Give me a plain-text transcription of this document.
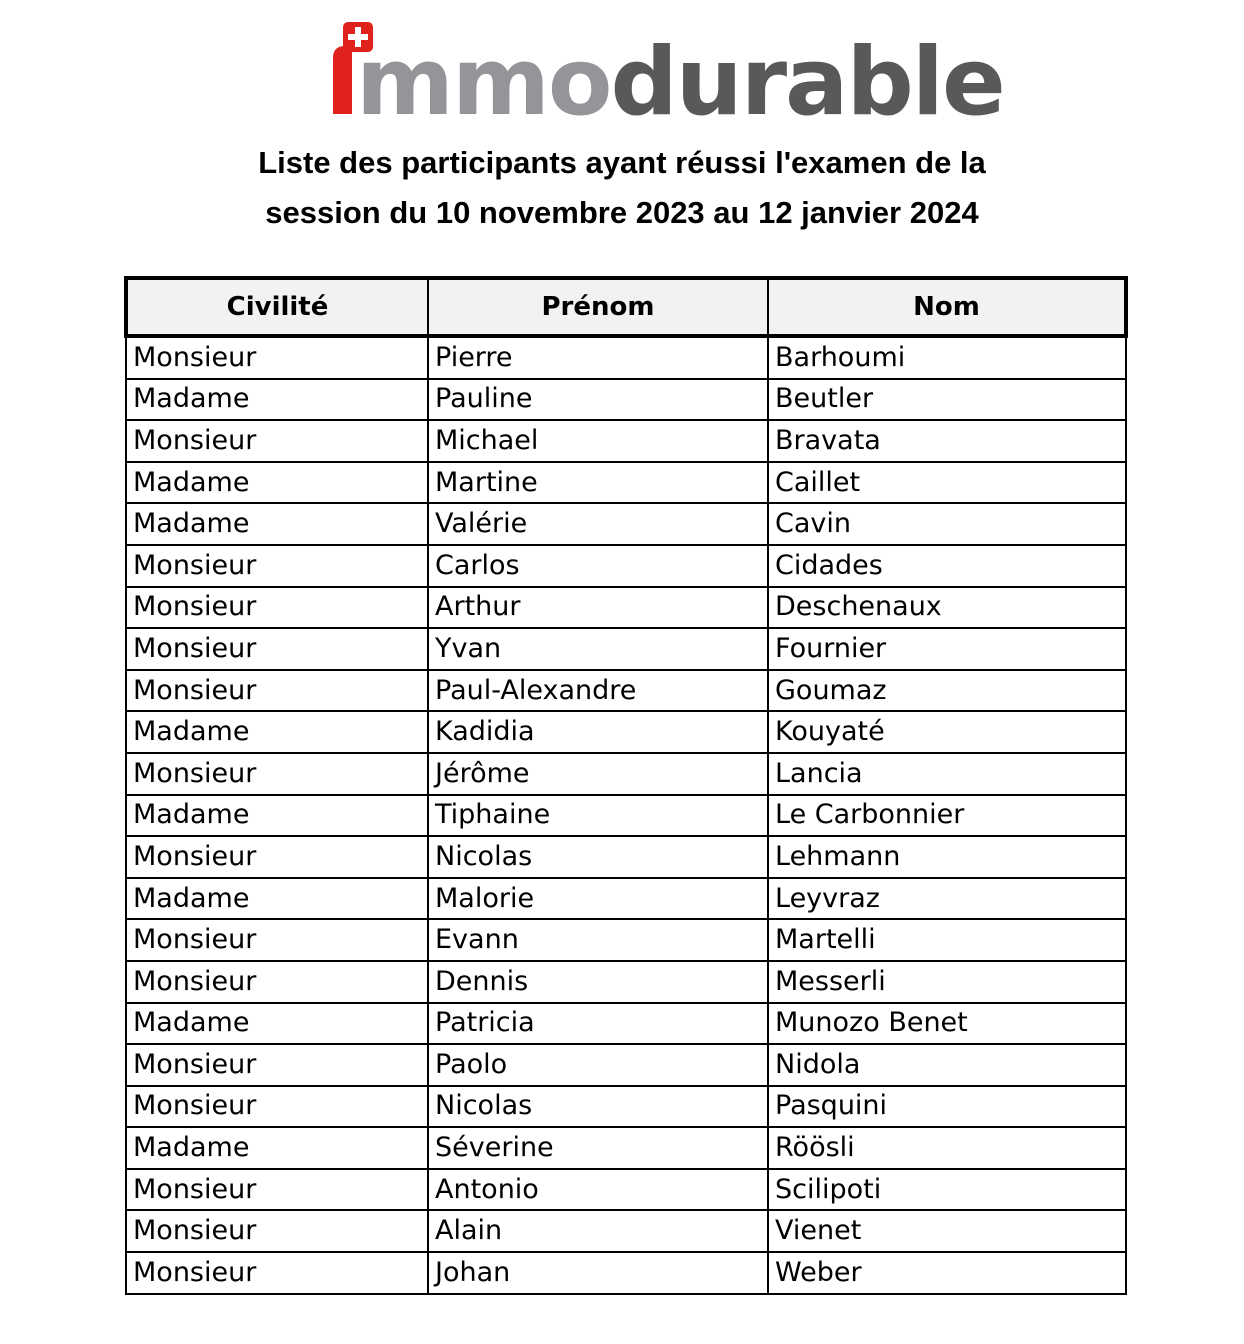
mmodurable
Liste des participants ayant réussi l'examen de la
session du 10 novembre 2023 au 12 janvier 2024
Civilité	Prénom	Nom
Monsieur	Pierre	Barhoumi
Madame	Pauline	Beutler
Monsieur	Michael	Bravata
Madame	Martine	Caillet
Madame	Valérie	Cavin
Monsieur	Carlos	Cidades
Monsieur	Arthur	Deschenaux
Monsieur	Yvan	Fournier
Monsieur	Paul-Alexandre	Goumaz
Madame	Kadidia	Kouyaté
Monsieur	Jérôme	Lancia
Madame	Tiphaine	Le Carbonnier
Monsieur	Nicolas	Lehmann
Madame	Malorie	Leyvraz
Monsieur	Evann	Martelli
Monsieur	Dennis	Messerli
Madame	Patricia	Munozo Benet
Monsieur	Paolo	Nidola
Monsieur	Nicolas	Pasquini
Madame	Séverine	Röösli
Monsieur	Antonio	Scilipoti
Monsieur	Alain	Vienet
Monsieur	Johan	Weber
